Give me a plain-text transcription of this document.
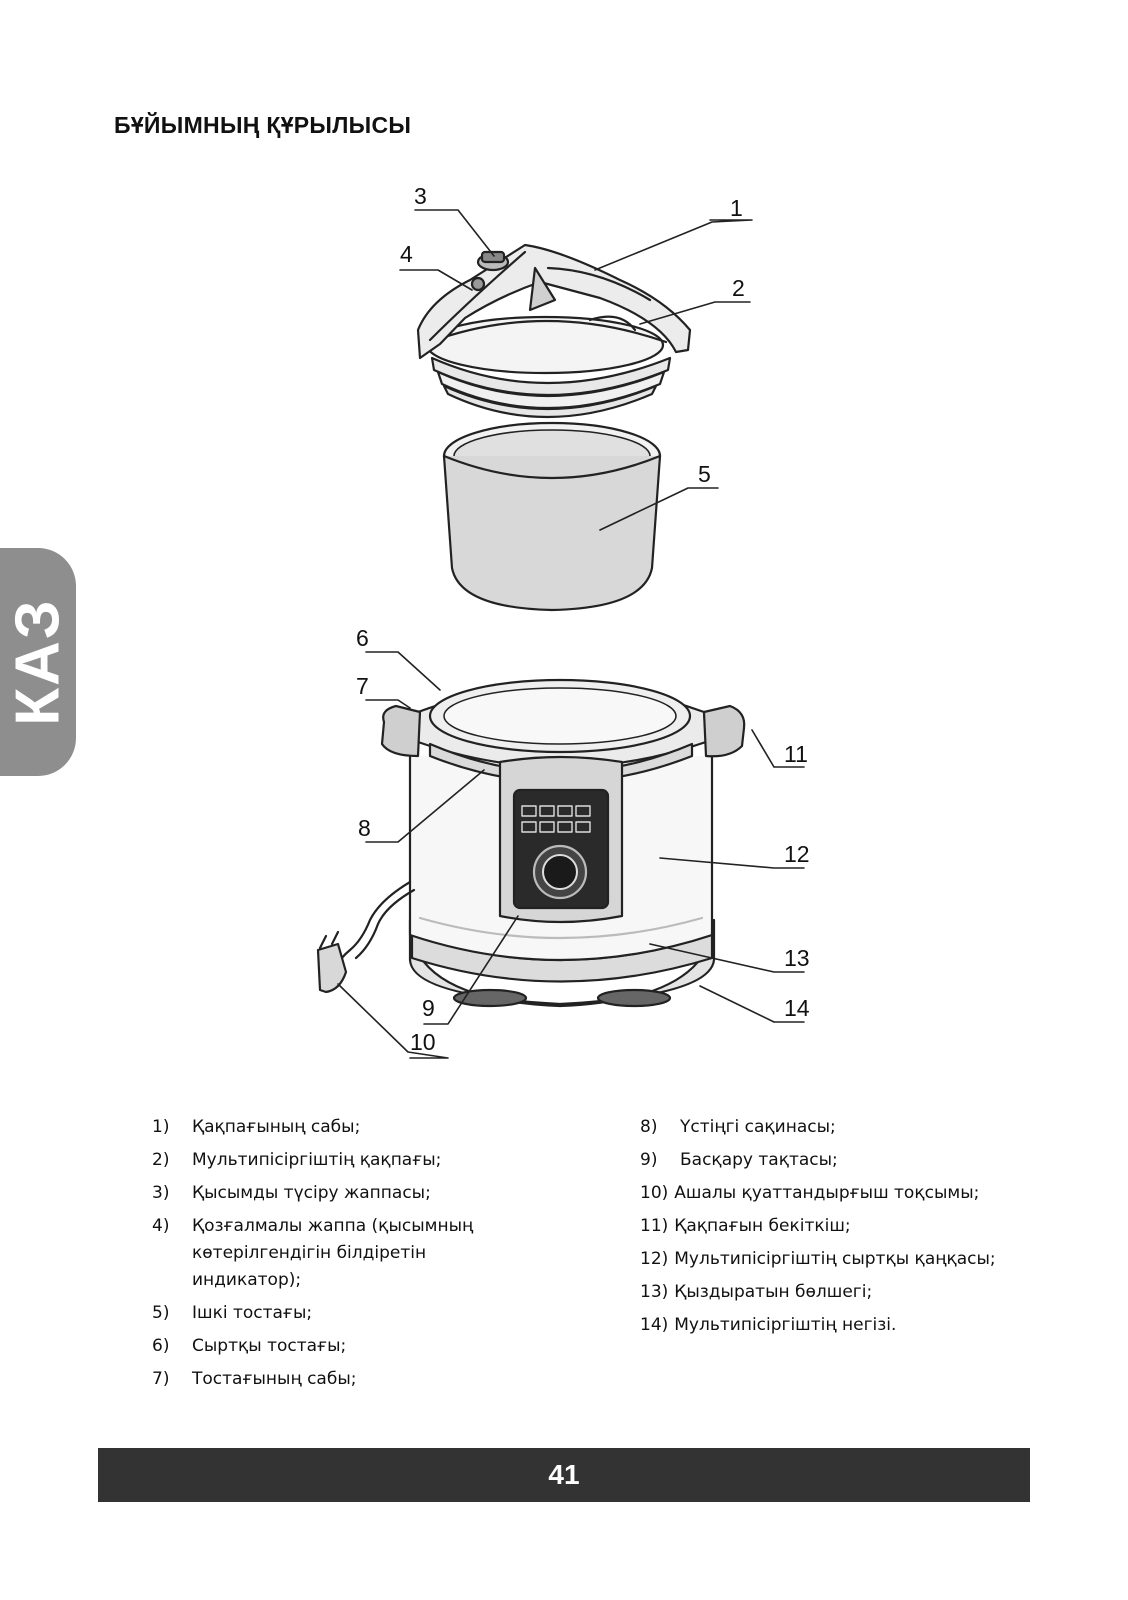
БҰЙЫМНЫҢ ҚҰРЫЛЫСЫ
КАЗ
3	1
4
2
5
6
7
11
8
12
13
9	14
10
1)	Қақпағының сабы;
2)	Мультипісіргіштің қақпағы;
3)	Қысымды түсіру жаппасы;
4)	Қозғалмалы жаппа (қысымның көтерілгендігін білдіретін индикатор);
5)	Ішкі тостағы;
6)	Сыртқы тостағы;
7)	Тостағының сабы;
8)	Үстіңгі сақинасы;
9)	Басқару тақтасы;
10) Ашалы қуаттандырғыш тоқсымы;
11) Қақпағын бекіткіш;
12) Мультипісіргіштің сыртқы қаңқасы;
13) Қыздыратын бөлшегі;
14) Мультипісіргіштің негізі.
41
